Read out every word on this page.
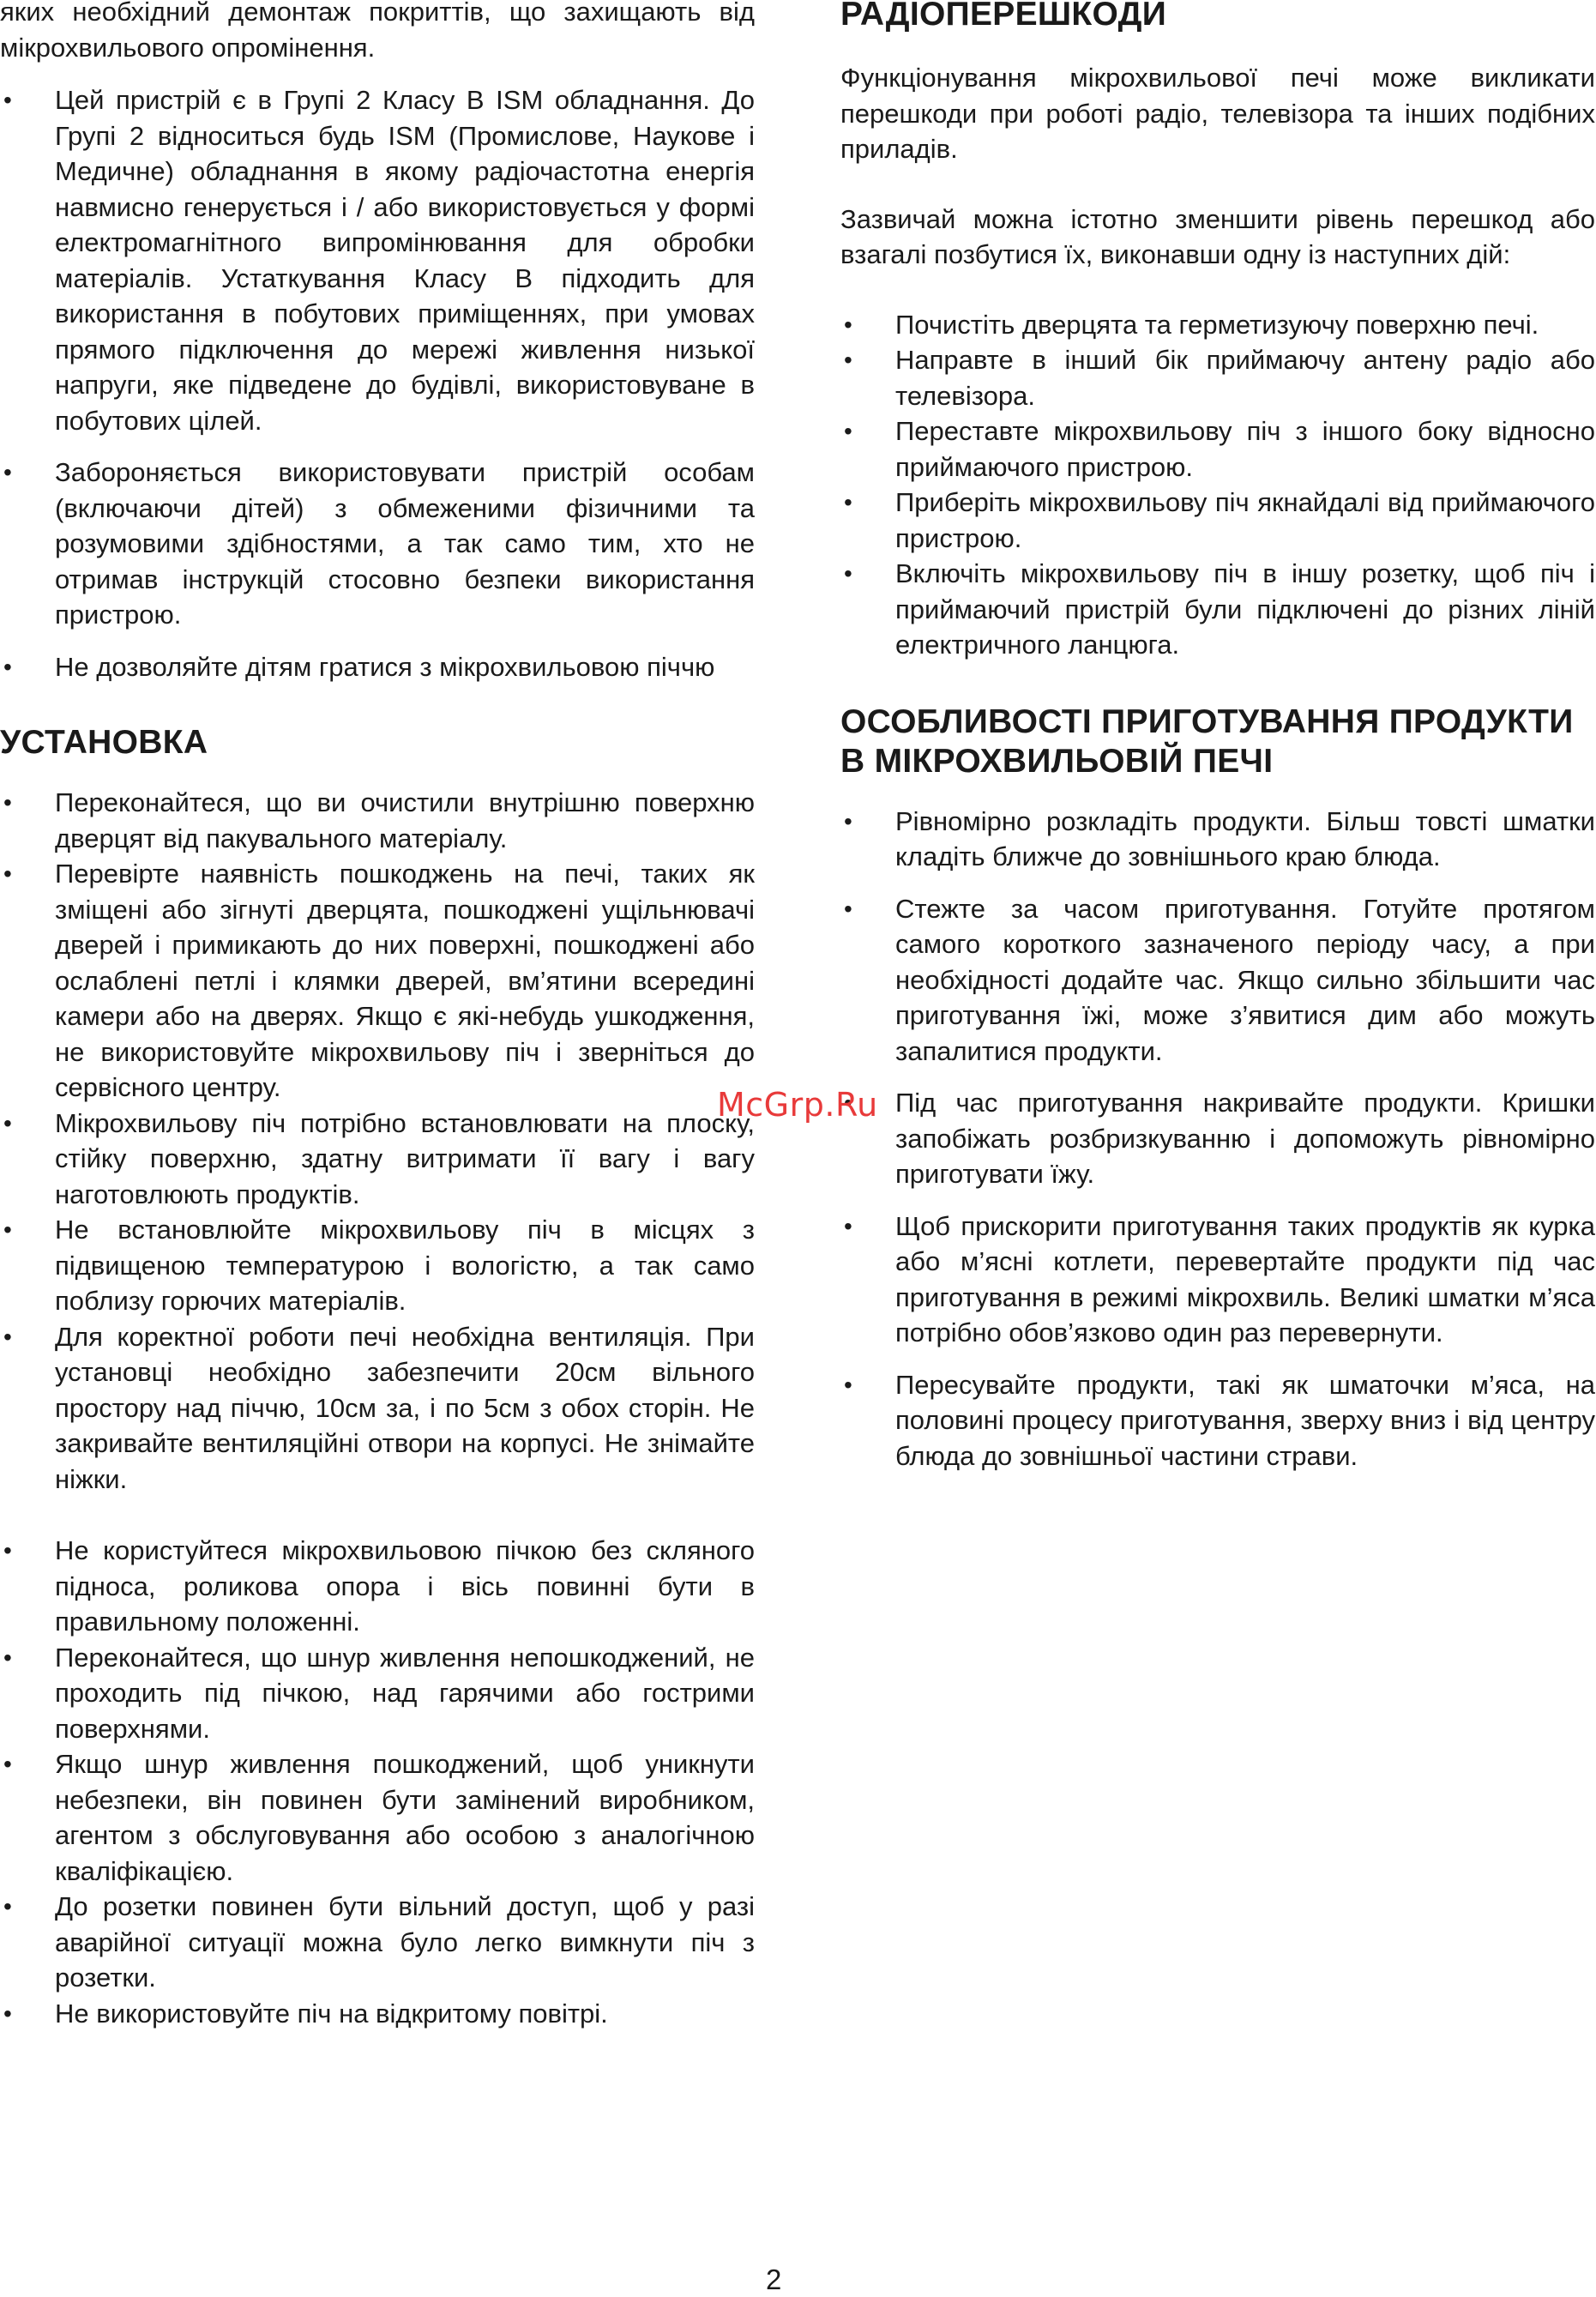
яких необхідний демонтаж покриттів, що захищають від мікрохвильового опромінення.

• Цей пристрій є в Групі 2 Класу В ISM обладнання. До Групі 2 відноситься будь ISM (Промислове, Наукове і Медичне) обладнання в якому радіочастотна енергія навмисно генерується і / або використовується у формі електромагнітного випромінювання для обробки матеріалів. Устаткування Класу В підходить для використання в побутових приміщеннях, при умовах прямого підключення до мережі живлення низької напруги, яке підведене до будівлі, використовуване в побутових цілей.
• Забороняється використовувати пристрій особам (включаючи дітей) з обмеженими фізичними та розумовими здібностями, а так само тим, хто не отримав інструкцій стосовно безпеки використання пристрою.
• Не дозволяйте дітям гратися з мікрохвильовою піччю
УСТАНОВКА
• Переконайтеся, що ви очистили внутрішню поверхню дверцят від пакувального матеріалу.
• Перевірте наявність пошкоджень на печі, таких як зміщені або зігнуті дверцята, пошкоджені ущільнювачі дверей і примикають до них поверхні, пошкоджені або ослаблені петлі і клямки дверей, вм’ятини всередині камери або на дверях. Якщо є які-небудь ушкодження, не використовуйте мікрохвильову піч і зверніться до сервісного центру.
• Мікрохвильову піч потрібно встановлювати на плоску, стійку поверхню, здатну витримати її вагу і вагу наготовлюють продуктів.
• Не встановлюйте мікрохвильову піч в місцях з підвищеною температурою і вологістю, а так само поблизу горючих матеріалів.
• Для коректної роботи печі необхідна вентиляція. При установці необхідно забезпечити 20см вільного простору над піччю, 10см за, і по 5см з обох сторін. Не закривайте вентиляційні отвори на корпусі. Не знімайте ніжки.
• Не користуйтеся мікрохвильовою пічкою без скляного підноса, роликова опора і вісь повинні бути в правильному положенні.
• Переконайтеся, що шнур живлення непошкоджений, не проходить під пічкою, над гарячими або гострими поверхнями.
• Якщо шнур живлення пошкоджений, щоб уникнути небезпеки, він повинен бути замінений виробником, агентом з обслуговування або особою з аналогічною кваліфікацією.
• До розетки повинен бути вільний доступ, щоб у разі аварійної ситуації можна було легко вимкнути піч з розетки.
• Не використовуйте піч на відкритому повітрі.
РАДІОПЕРЕШКОДИ

Функціонування мікрохвильової печі може викликати перешкоди при роботі радіо, телевізора та інших подібних приладів.

Зазвичай можна істотно зменшити рівень перешкод або взагалі позбутися їх, виконавши одну із наступних дій:

• Почистіть дверцята та герметизуючу поверхню печі.
• Направте в інший бік приймаючу антену радіо або телевізора.
• Переставте мікрохвильову піч з іншого боку відносно приймаючого пристрою.
• Приберіть мікрохвильову піч якнайдалі від приймаючого пристрою.
• Включіть мікрохвильову піч в іншу розетку, щоб піч і приймаючий пристрій були підключені до різних ліній електричного ланцюга.
ОСОБЛИВОСТІ ПРИГОТУВАННЯ ПРОДУКТИ В МІКРОХВИЛЬОВІЙ ПЕЧІ
• Рівномірно розкладіть продукти. Більш товсті шматки кладіть ближче до зовнішнього краю блюда.
• Стежте за часом приготування. Готуйте протягом самого короткого зазначеного періоду часу, а при необхідності додайте час. Якщо сильно збільшити час приготування їжі, може з’явитися дим або можуть запалитися продукти.
• Під час приготування накривайте продукти. Кришки запобіжать розбризкуванню і допоможуть рівномірно приготувати їжу.
• Щоб прискорити приготування таких продуктів як курка або м’ясні котлети, перевертайте продукти під час приготування в режимі мікрохвиль. Великі шматки м’яса потрібно обов’язково один раз перевернути.
• Пересувайте продукти, такі як шматочки м’яса, на половині процесу приготування, зверху вниз і від центру блюда до зовнішньої частини страви.
McGrp.Ru
2
